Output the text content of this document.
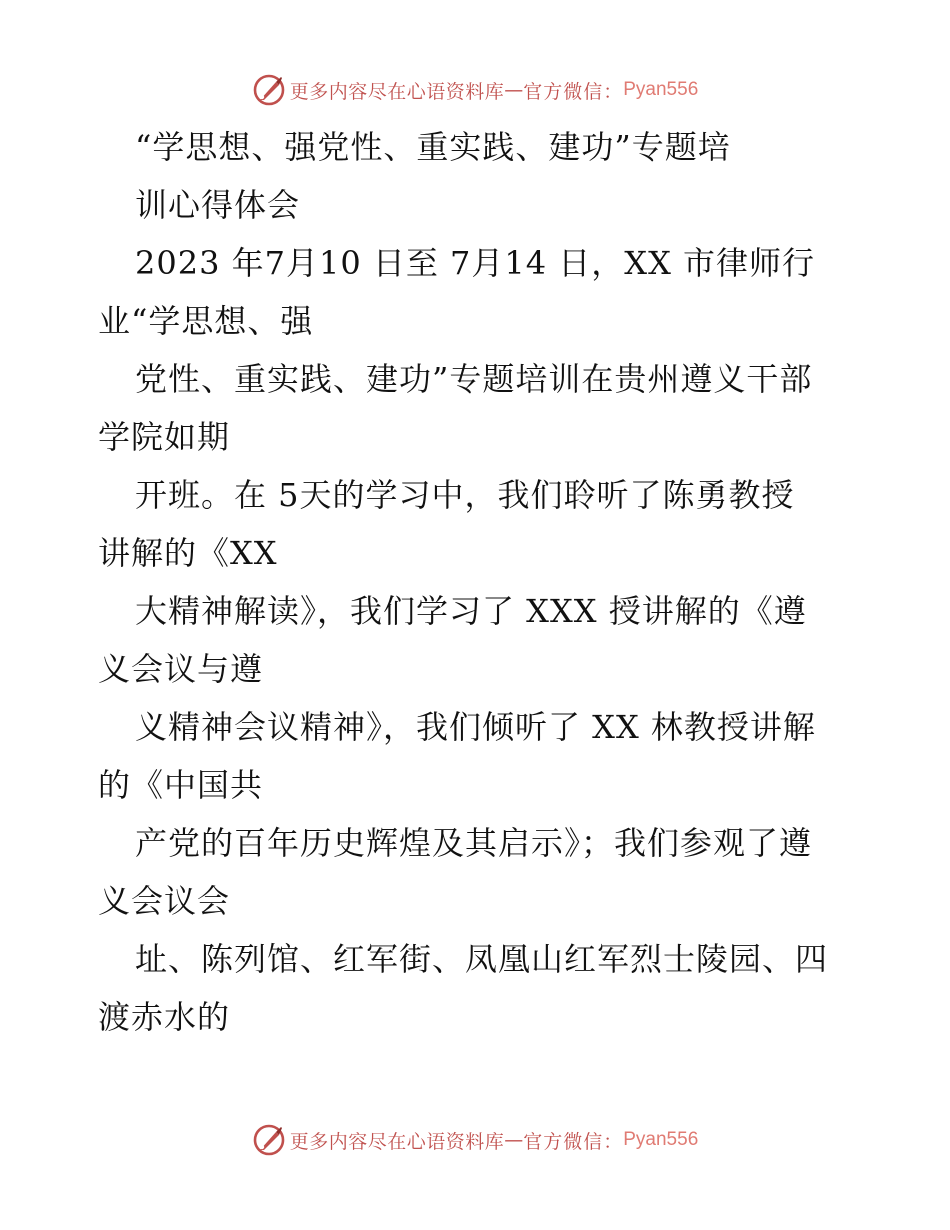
更多内容尽在心语资料库 — 官方微信： Pyan556
“学思想、强党性、重实践、建功”专题培
训心得体会
2023 年7月10 日至 7月14 日，XX 市律师行
业“学思想、强
党性、重实践、建功”专题培训在贵州遵义干部
学院如期
开班。在 5天的学习中，我们聆听了陈勇教授
讲解的《XX
大精神解读》，我们学习了 XXX 授讲解的《遵
义会议与遵
义精神会议精神》，我们倾听了 XX 林教授讲解
的《中国共
产党的百年历史辉煌及其启示》；我们参观了遵
义会议会
址、陈列馆、红军街、凤凰山红军烈士陵园、四
渡赤水的
更多内容尽在心语资料库 — 官方微信： Pyan556
